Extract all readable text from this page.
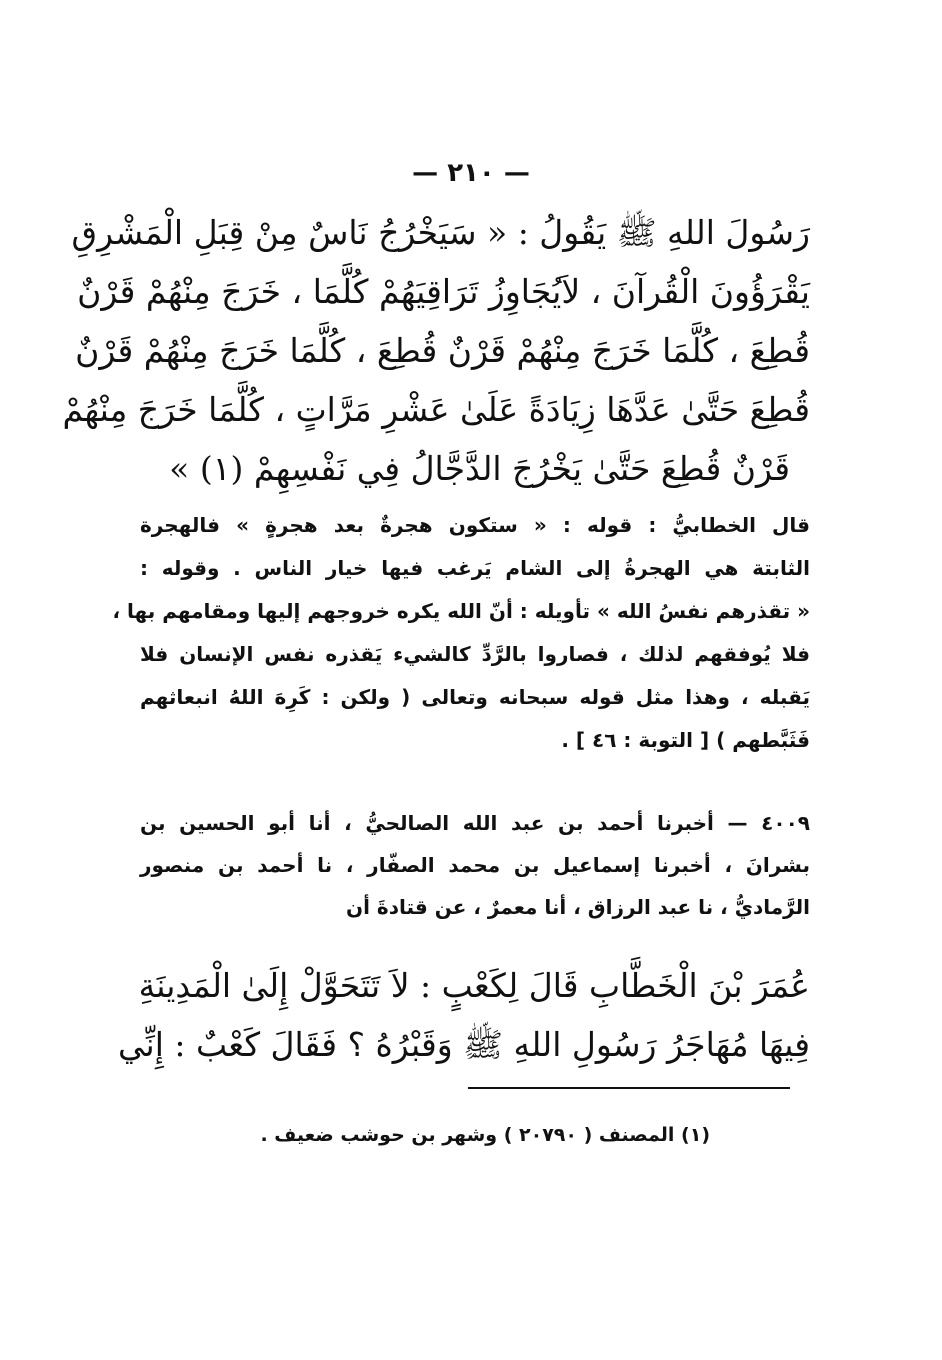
— ٢١٠ —
رَسُولَ اللهِ ﷺ يَقُولُ : « سَيَخْرُجُ نَاسٌ مِنْ قِبَلِ الْمَشْرِقِ
يَقْرَؤُونَ الْقُرآنَ ، لاَيُجَاوِزُ تَرَاقِيَهُمْ كُلَّمَا ، خَرَجَ مِنْهُمْ قَرْنٌ
قُطِعَ ، كُلَّمَا خَرَجَ مِنْهُمْ قَرْنٌ قُطِعَ ، كُلَّمَا خَرَجَ مِنْهُمْ قَرْنٌ
قُطِعَ حَتَّىٰ عَدَّهَا زِيَادَةً عَلَىٰ عَشْرِ مَرَّاتٍ ، كُلَّمَا خَرَجَ مِنْهُمْ
قَرْنٌ قُطِعَ حَتَّىٰ يَخْرُجَ الدَّجَّالُ فِي نَفْسِهِمْ (١) »
قال الخطابيُّ : قوله : « ستكون هجرةٌ بعد هجرةٍ » فالهجرة
الثابتة هي الهجرةُ إلى الشام يَرغب فيها خيار الناس . وقوله :
« تقذرهم نفسُ الله » تأويله : أنّ الله يكره خروجهم إليها ومقامهم بها ،
فلا يُوفقهم لذلك ، فصاروا بالرَّدِّ كالشيء يَقذره نفس الإنسان فلا
يَقبله ، وهذا مثل قوله سبحانه وتعالى ( ولكن : كَرِهَ اللهُ انبعاثهم
فَثَبَّطهم ) [ التوبة : ٤٦ ] .
٤٠٠٩ — أخبرنا أحمد بن عبد الله الصالحيُّ ، أنا أبو الحسين بن
بشرانَ ، أخبرنا إسماعيل بن محمد الصفّار ، نا أحمد بن منصور
الرَّماديُّ ، نا عبد الرزاق ، أنا معمرٌ ، عن قتادةَ أن
عُمَرَ بْنَ الْخَطَّابِ قَالَ لِكَعْبٍ : لاَ تَتَحَوَّلْ إِلَىٰ الْمَدِينَةِ
فِيهَا مُهَاجَرُ رَسُولِ اللهِ ﷺ وَقَبْرُهُ ؟ فَقَالَ كَعْبٌ : إِنِّي
(١) المصنف ( ٢٠٧٩٠ ) وشهر بن حوشب ضعيف .
